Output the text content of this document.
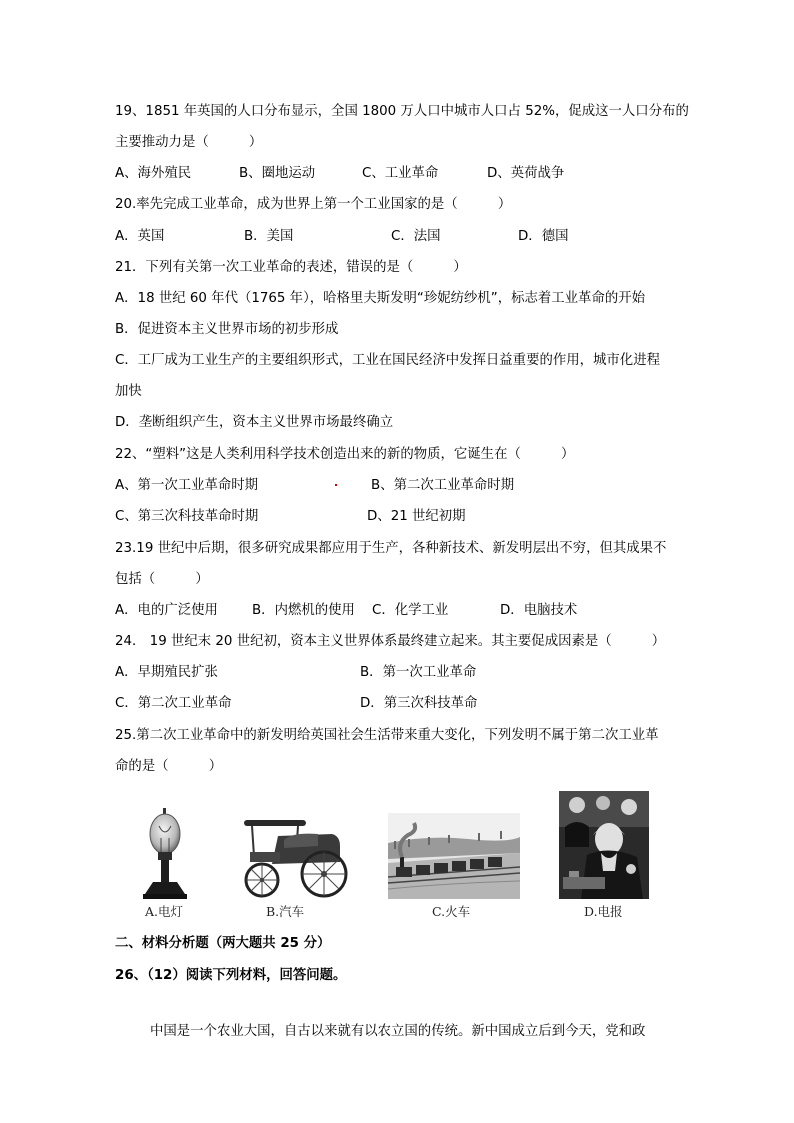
19、1851 年英国的人口分布显示，全国 1800 万人口中城市人口占 52%，促成这一人口分布的
主要推动力是（　　　）
A、海外殖民	B、圈地运动	C、工业革命	D、英荷战争
20.率先完成工业革命，成为世界上第一个工业国家的是（　　　）
A．英国	B．美国	C．法国	D．德国
21．下列有关第一次工业革命的表述，错误的是（　　　）
A．18 世纪 60 年代（1765 年），哈格里夫斯发明“珍妮纺纱机”，标志着工业革命的开始
B．促进资本主义世界市场的初步形成
C．工厂成为工业生产的主要组织形式，工业在国民经济中发挥日益重要的作用，城市化进程
加快
D．垄断组织产生，资本主义世界市场最终确立
22、“塑料”这是人类利用科学技术创造出来的新的物质，它诞生在（　　　）
A、第一次工业革命时期	B、第二次工业革命时期
C、第三次科技革命时期	D、21 世纪初期
23.19 世纪中后期，很多研究成果都应用于生产，各种新技术、新发明层出不穷，但其成果不
包括（　　　）
A．电的广泛使用	B．内燃机的使用 C．化学工业	D．电脑技术
24． 19 世纪末 20 世纪初，资本主义世界体系最终建立起来。其主要促成因素是（　　　）
A．早期殖民扩张	B．第一次工业革命
C．第二次工业革命	D．第三次科技革命
25.第二次工业革命中的新发明给英国社会生活带来重大变化，下列发明不属于第二次工业革
命的是（　　　）
A.电灯	B.汽车	C.火车	D.电报
二、材料分析题（两大题共 25 分）
26、（12）阅读下列材料，回答问题。
中国是一个农业大国，自古以来就有以农立国的传统。新中国成立后到今天，党和政
